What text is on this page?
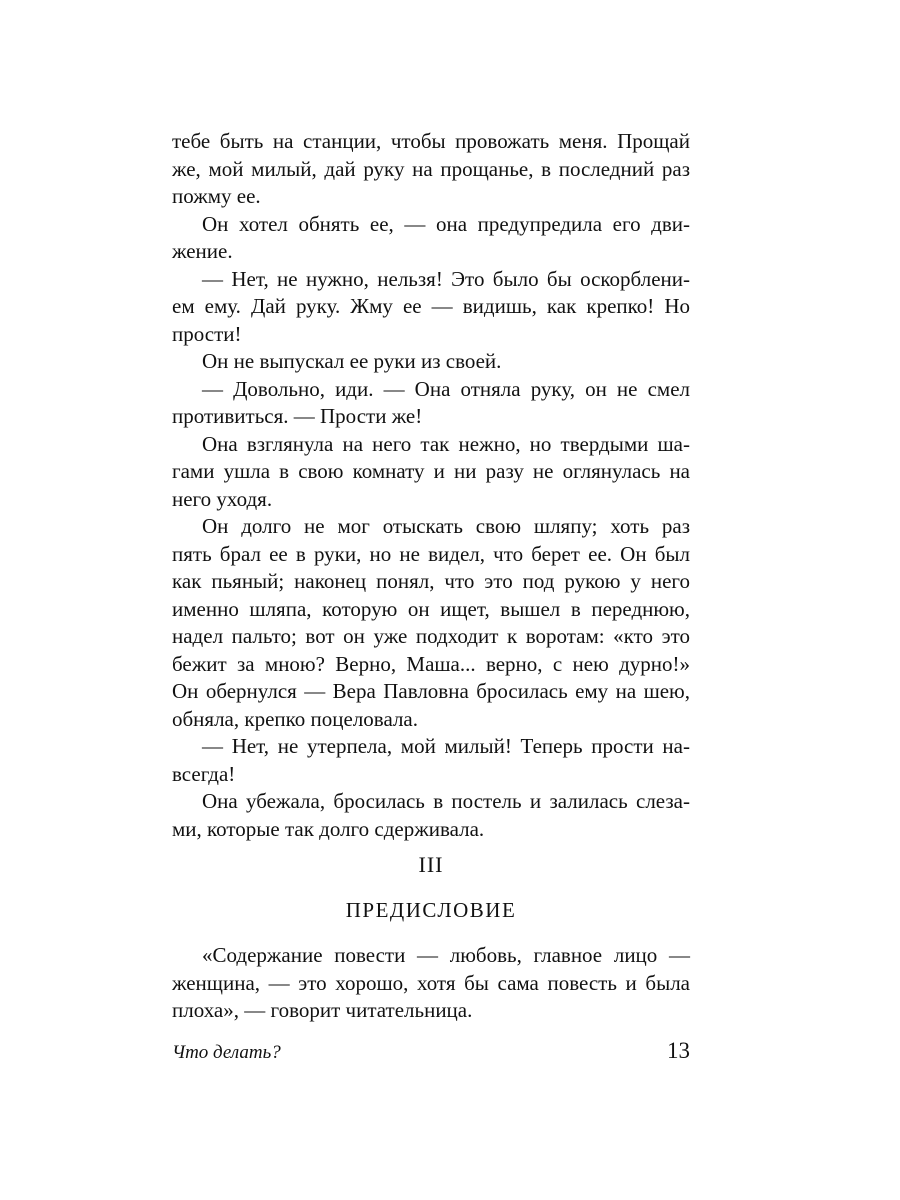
тебе быть на станции, чтобы провожать меня. Прощай
же, мой милый, дай руку на прощанье, в последний раз
пожму ее.
Он хотел обнять ее, — она предупредила его дви-
жение.
— Нет, не нужно, нельзя! Это было бы оскорблени-
ем ему. Дай руку. Жму ее — видишь, как крепко! Но
прости!
Он не выпускал ее руки из своей.
— Довольно, иди. — Она отняла руку, он не смел
противиться. — Прости же!
Она взглянула на него так нежно, но твердыми ша-
гами ушла в свою комнату и ни разу не оглянулась на
него уходя.
Он долго не мог отыскать свою шляпу; хоть раз
пять брал ее в руки, но не видел, что берет ее. Он был
как пьяный; наконец понял, что это под рукою у него
именно шляпа, которую он ищет, вышел в переднюю,
надел пальто; вот он уже подходит к воротам: «кто это
бежит за мною? Верно, Маша... верно, с нею дурно!»
Он обернулся — Вера Павловна бросилась ему на шею,
обняла, крепко поцеловала.
— Нет, не утерпела, мой милый! Теперь прости на-
всегда!
Она убежала, бросилась в постель и залилась слеза-
ми, которые так долго сдерживала.
III
ПРЕДИСЛОВИЕ
«Содержание повести — любовь, главное лицо —
женщина, — это хорошо, хотя бы сама повесть и была
плоха», — говорит читательница.
Что делать?	13
